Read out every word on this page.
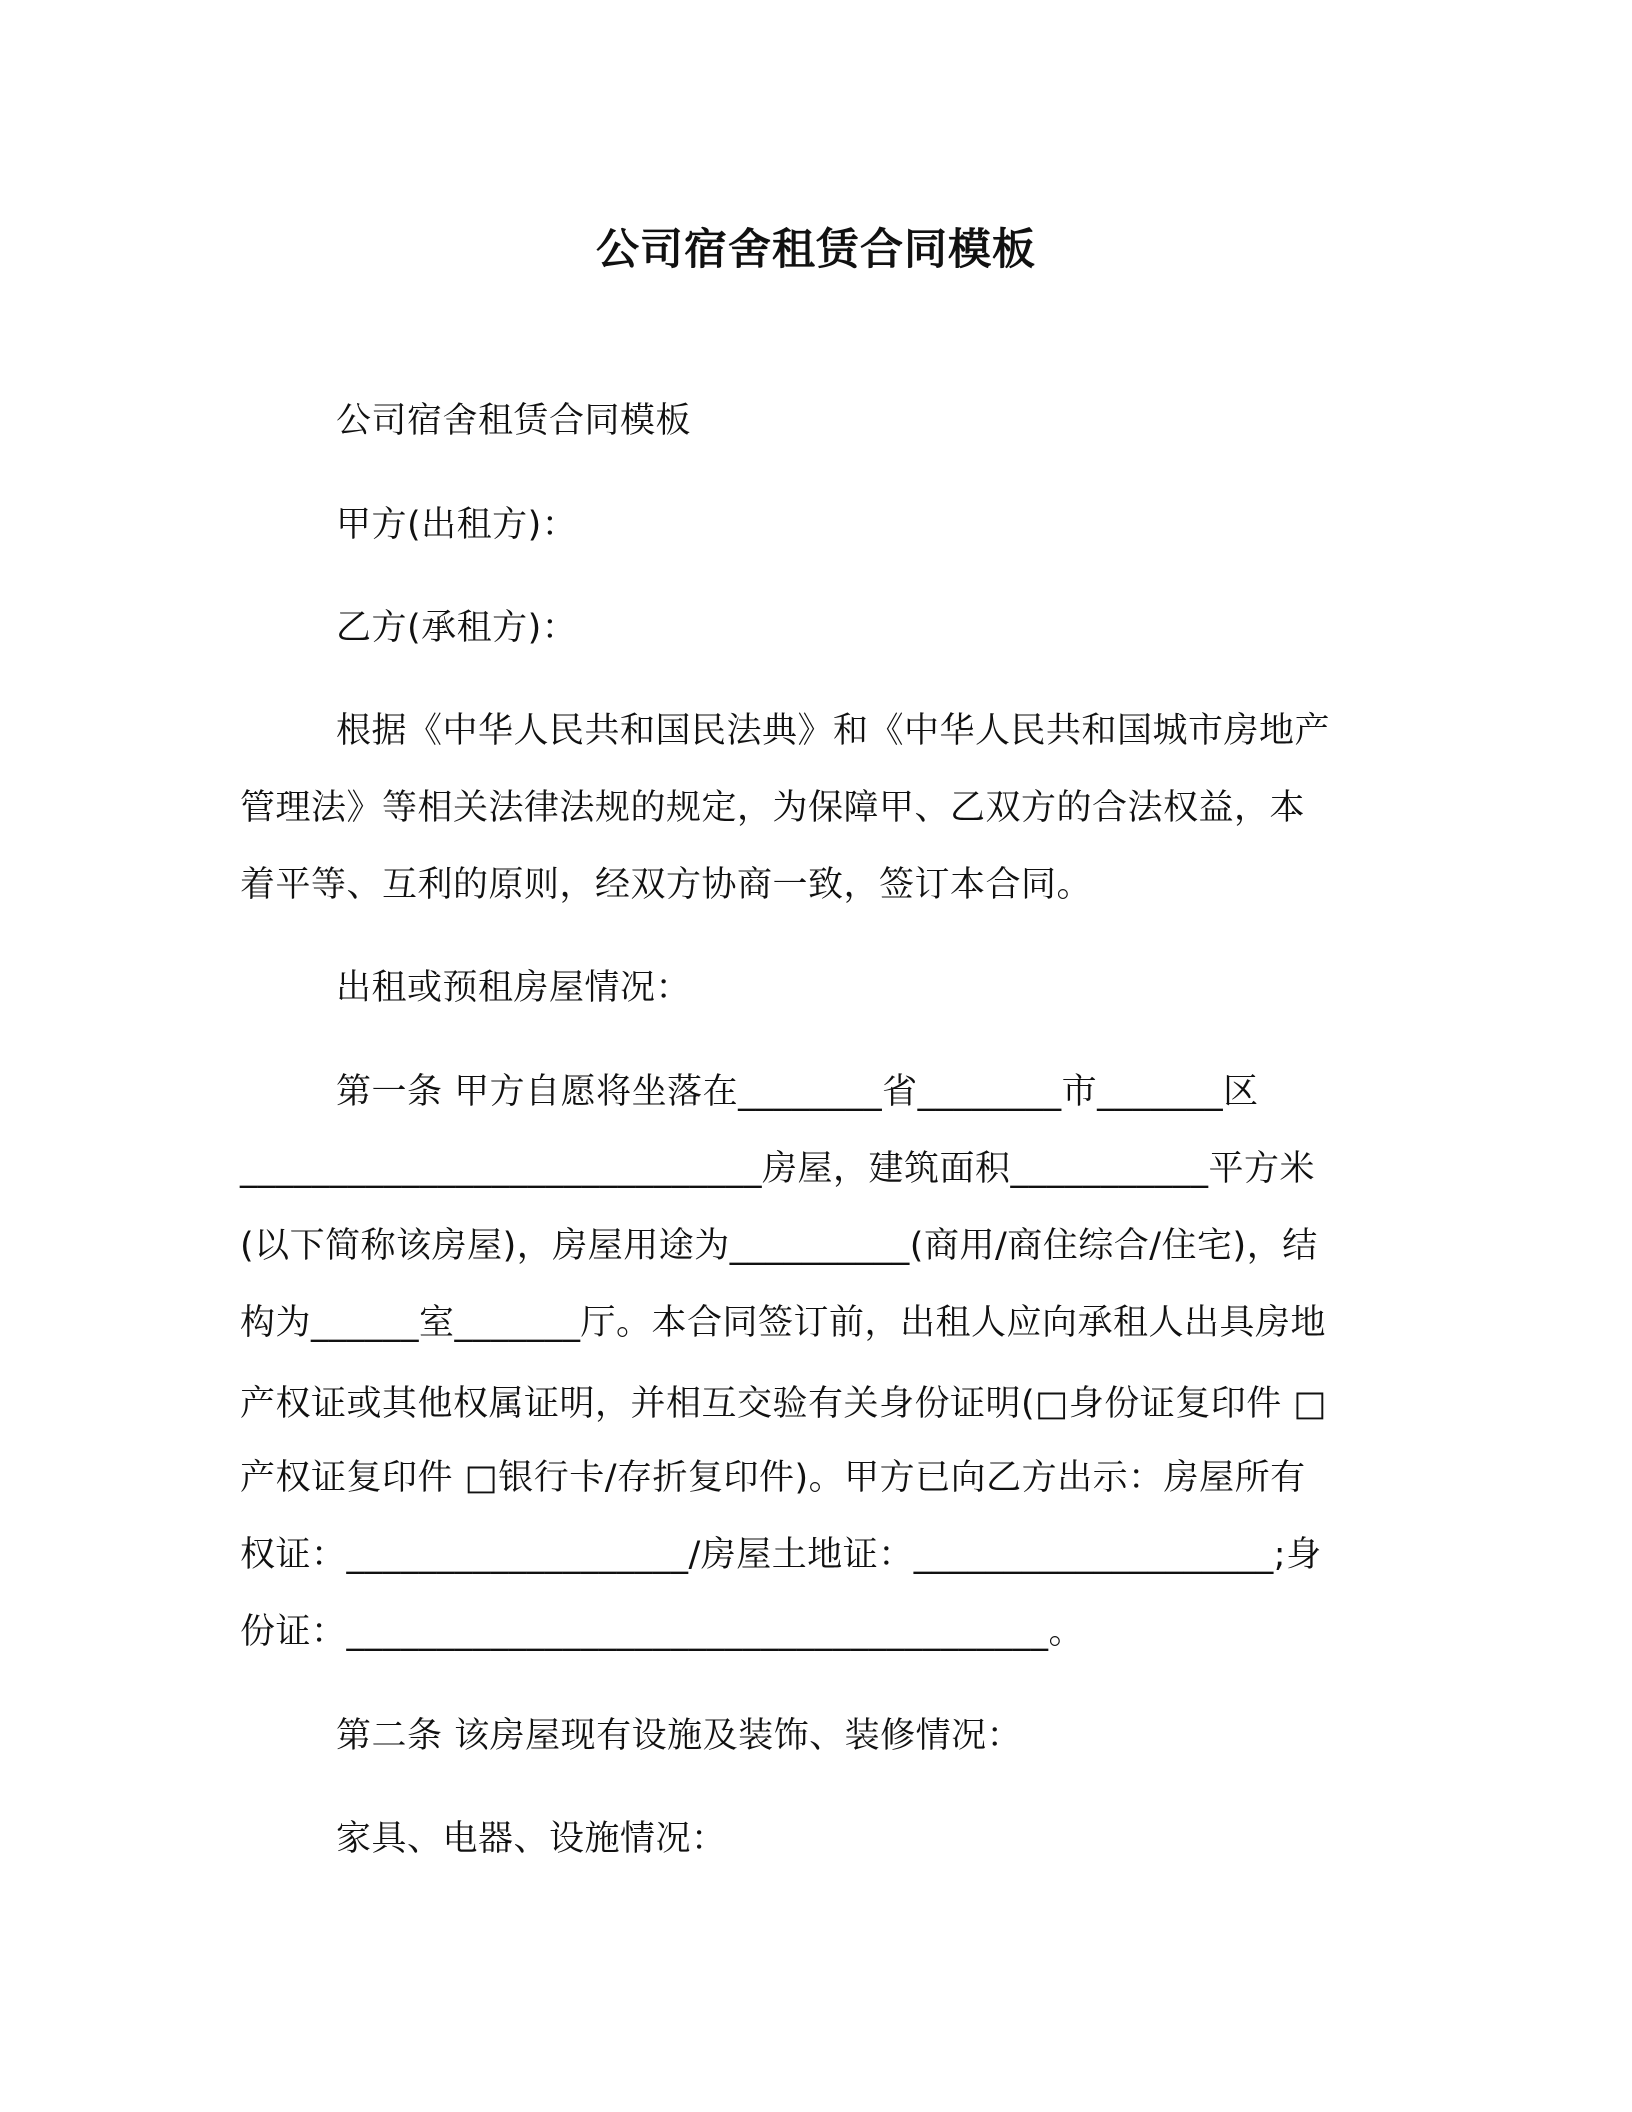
公司宿舍租赁合同模板
公司宿舍租赁合同模板
甲方(出租方)：
乙方(承租方)：
根据《中华人民共和国民法典》和《中华人民共和国城市房地产
管理法》等相关法律法规的规定，为保障甲、乙双方的合法权益，本
着平等、互利的原则，经双方协商一致，签订本合同。
出租或预租房屋情况：
第一条 甲方自愿将坐落在________省________市_______区
_____________________________房屋，建筑面积___________平方米
(以下简称该房屋)，房屋用途为__________(商用/商住综合/住宅)，结
构为______室_______厅。本合同签订前，出租人应向承租人出具房地
产权证或其他权属证明，并相互交验有关身份证明(□身份证复印件 □
产权证复印件 □银行卡/存折复印件)。甲方已向乙方出示：房屋所有
权证：___________________/房屋土地证：____________________;身
份证：_______________________________________。
第二条 该房屋现有设施及装饰、装修情况：
家具、电器、设施情况：
